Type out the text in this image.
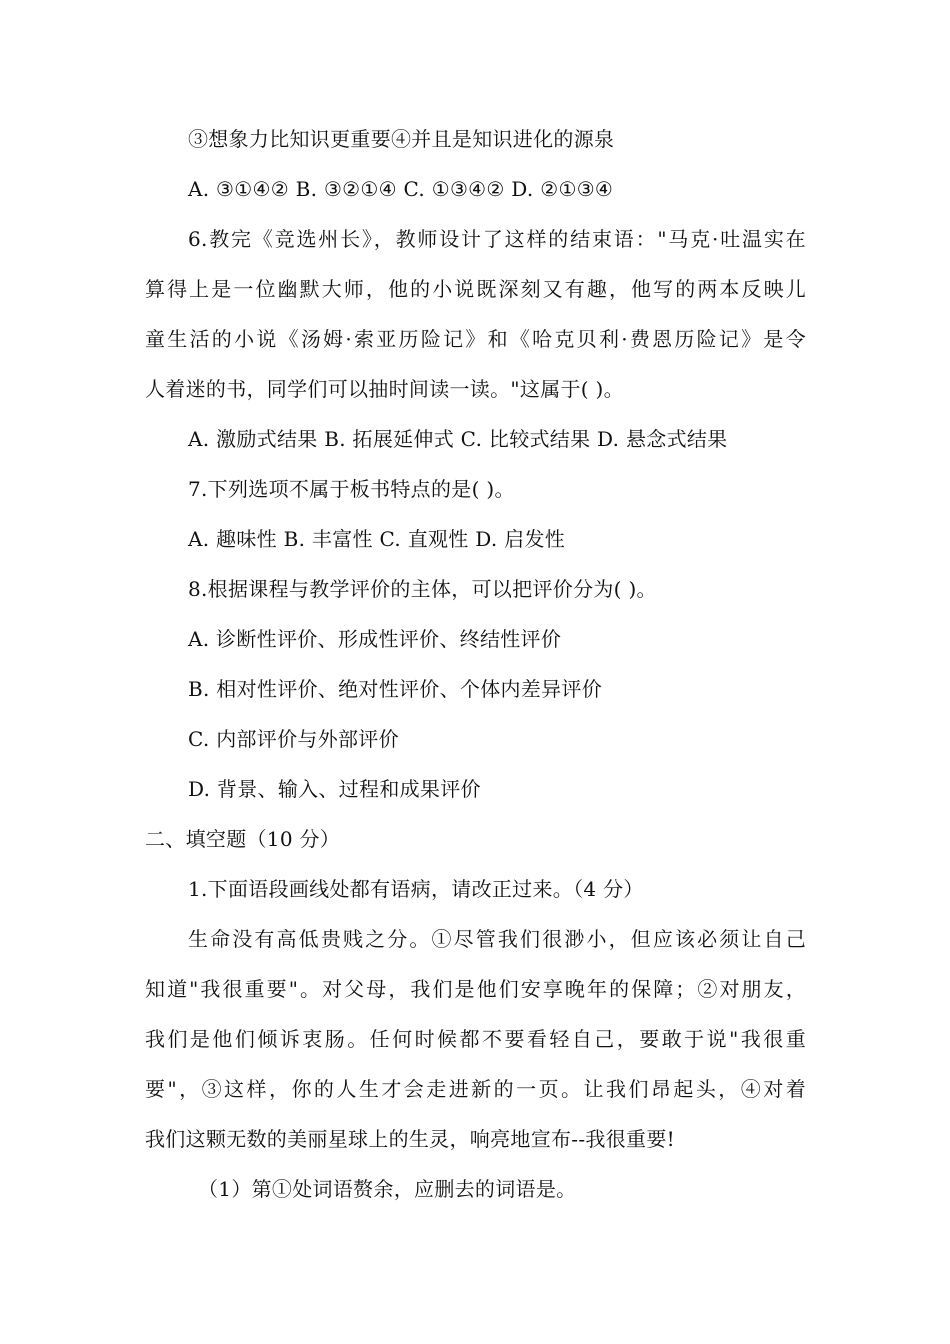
③想象力比知识更重要④并且是知识进化的源泉
A. ③①④② B. ③②①④ C. ①③④② D. ②①③④
6.教完《竞选州长》，教师设计了这样的结束语："马克·吐温实在
算得上是一位幽默大师，他的小说既深刻又有趣，他写的两本反映儿
童生活的小说《汤姆·索亚历险记》和《哈克贝利·费恩历险记》是令
人着迷的书，同学们可以抽时间读一读。"这属于( )。
A. 激励式结果 B. 拓展延伸式 C. 比较式结果 D. 悬念式结果
7.下列选项不属于板书特点的是( )。
A. 趣味性 B. 丰富性 C. 直观性 D. 启发性
8.根据课程与教学评价的主体，可以把评价分为( )。
A. 诊断性评价、形成性评价、终结性评价
B. 相对性评价、绝对性评价、个体内差异评价
C. 内部评价与外部评价
D. 背景、输入、过程和成果评价
二、填空题（10 分）
1.下面语段画线处都有语病，请改正过来。（4 分）
生命没有高低贵贱之分。①尽管我们很渺小，但应该必须让自己
知道"我很重要"。对父母，我们是他们安享晚年的保障；②对朋友，
我们是他们倾诉衷肠。任何时候都不要看轻自己，要敢于说"我很重
要"，③这样，你的人生才会走进新的一页。让我们昂起头，④对着
我们这颗无数的美丽星球上的生灵，响亮地宣布--我很重要!
（1）第①处词语赘余，应删去的词语是。
